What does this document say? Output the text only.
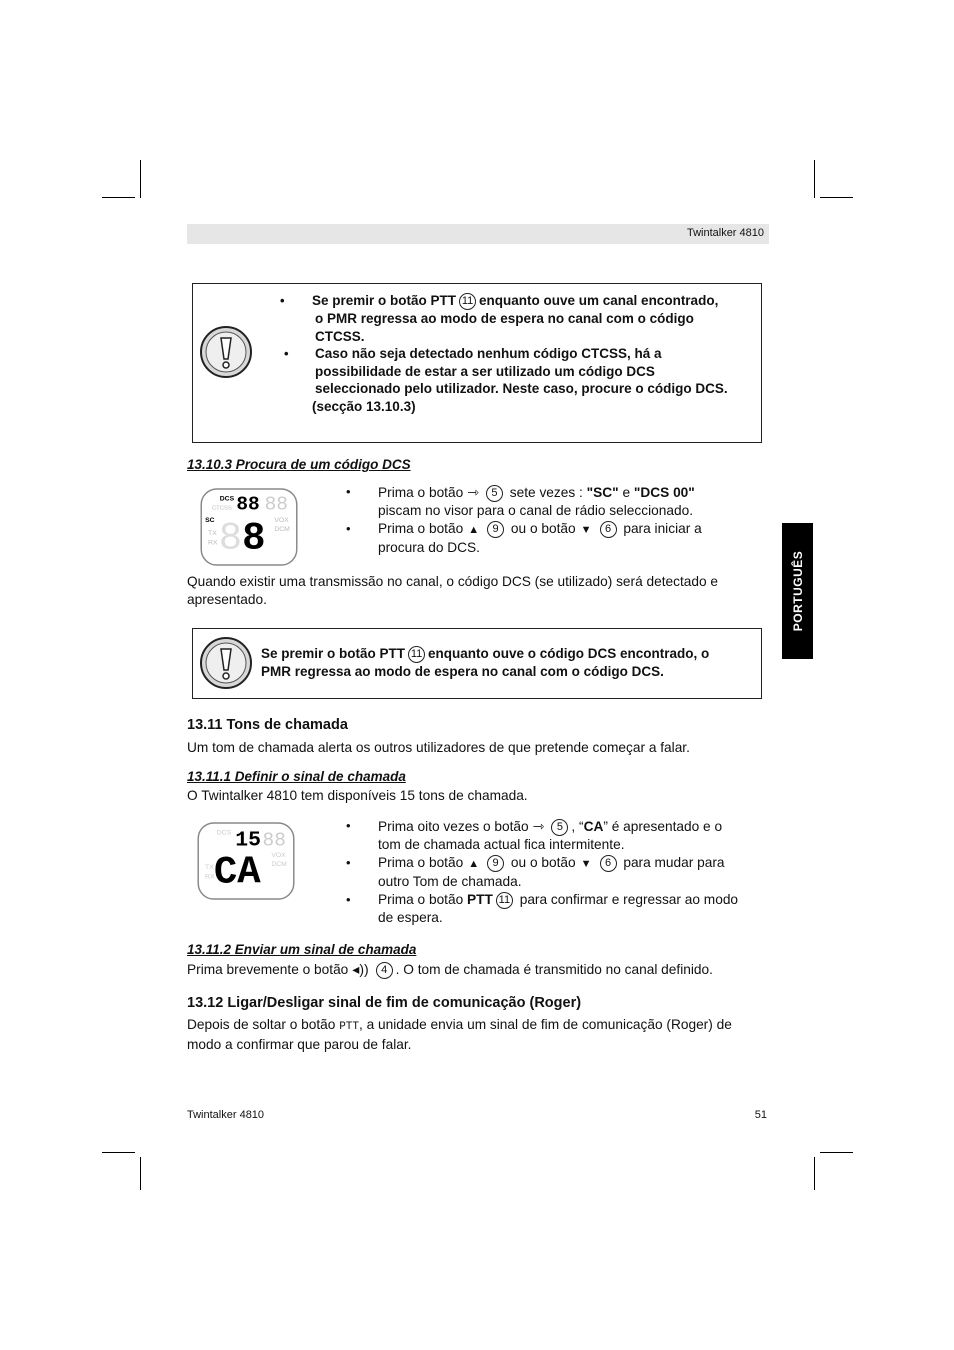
Twintalker 4810
PORTUGUÊS
•	Se premir o botão PTT 11 enquanto ouve um canal encontrado,
o PMR regressa ao modo de espera no canal com o código
CTCSS.
• Caso não seja detectado nenhum código CTCSS, há a
possibilidade de estar a ser utilizado um código DCS
seleccionado pelo utilizador. Neste caso, procure o código DCS.
(secção 13.10.3)
13.10.3 Procura de um código DCS
DCS
CTCSS 88 88
SC
TX
RX 8 8 VOX
DCM
• Prima o botão ⇾ 5 sete vezes : "SC" e "DCS 00"
piscam no visor para o canal de rádio seleccionado.
• Prima o botão ▲ 9 ou o botão ▼ 6 para iniciar a
procura do DCS.
Quando existir uma transmissão no canal, o código DCS (se utilizado) será detectado e
apresentado.
Se premir o botão PTT 11 enquanto ouve o código DCS encontrado, o
PMR regressa ao modo de espera no canal com o código DCS.
13.11 Tons de chamada
Um tom de chamada alerta os outros utilizadores de que pretende começar a falar.
13.11.1 Definir o sinal de chamada
O Twintalker 4810 tem disponíveis 15 tons de chamada.
DCS 15 88
TX
RX
VOX
DCM
CA
• Prima oito vezes o botão ⇾ 5 , “CA” é apresentado e o
tom de chamada actual fica intermitente.
• Prima o botão ▲ 9 ou o botão ▼ 6 para mudar para
outro Tom de chamada.
• Prima o botão PTT 11 para confirmar e regressar ao modo
de espera.
13.11.2 Enviar um sinal de chamada
Prima brevemente o botão ◂)) 4 . O tom de chamada é transmitido no canal definido.
13.12 Ligar/Desligar sinal de fim de comunicação (Roger)
Depois de soltar o botão PTT, a unidade envia um sinal de fim de comunicação (Roger) de
modo a confirmar que parou de falar.
Twintalker 4810	51
